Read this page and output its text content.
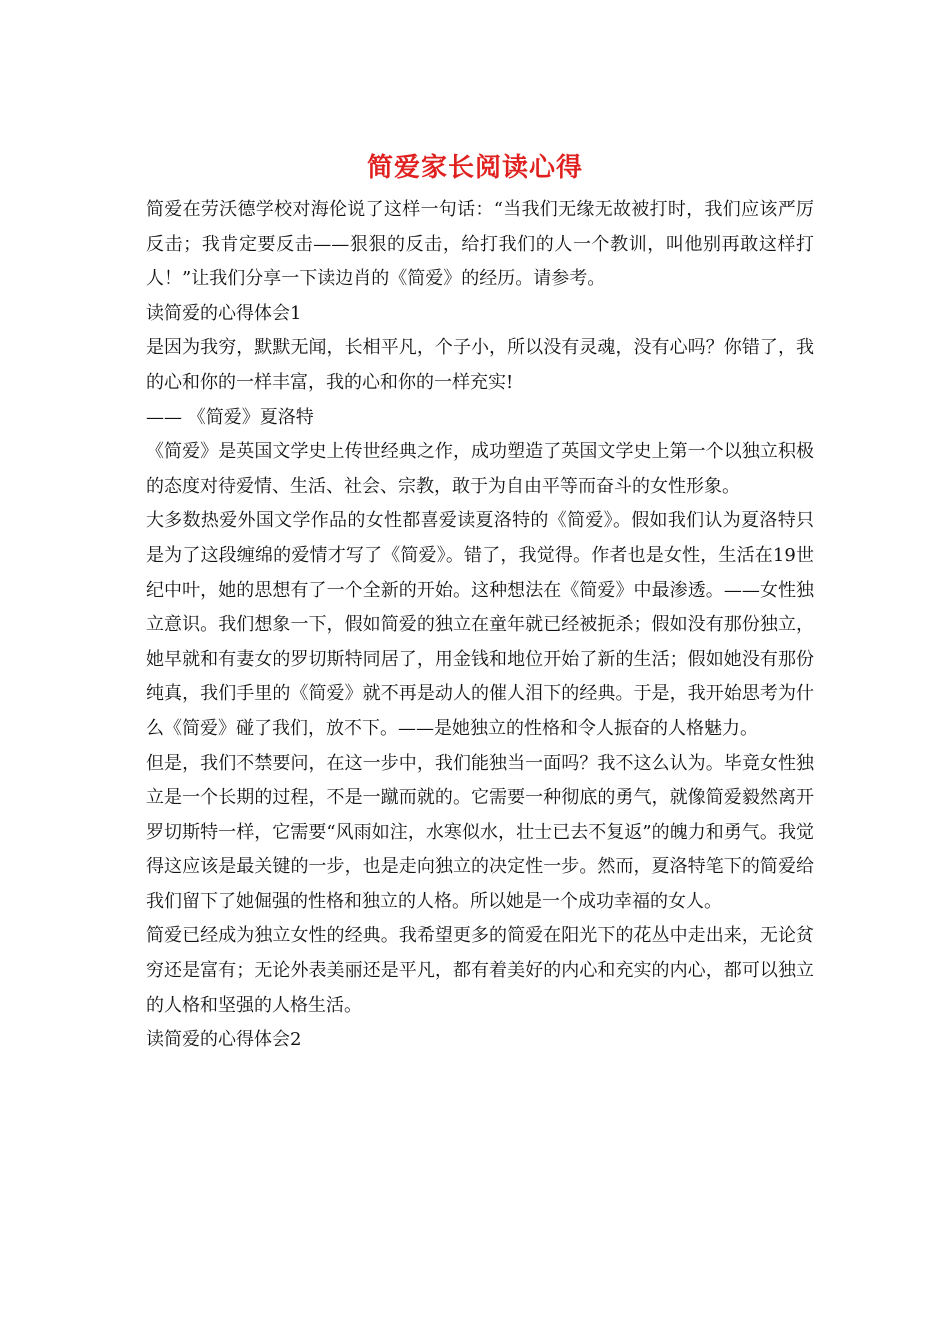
简爱家长阅读心得

简爱在劳沃德学校对海伦说了这样一句话：“当我们无缘无故被打时，我们应该严厉反击；我肯定要反击——狠狠的反击，给打我们的人一个教训，叫他别再敢这样打人！”让我们分享一下读边肖的《简爱》的经历。请参考。

读简爱的心得体会1

是因为我穷，默默无闻，长相平凡，个子小，所以没有灵魂，没有心吗？你错了，我的心和你的一样丰富，我的心和你的一样充实!

—— 《简爱》夏洛特

《简爱》是英国文学史上传世经典之作，成功塑造了英国文学史上第一个以独立积极的态度对待爱情、生活、社会、宗教，敢于为自由平等而奋斗的女性形象。

大多数热爱外国文学作品的女性都喜爱读夏洛特的《简爱》。假如我们认为夏洛特只是为了这段缠绵的爱情才写了《简爱》。错了，我觉得。作者也是女性，生活在19世纪中叶，她的思想有了一个全新的开始。这种想法在《简爱》中最渗透。——女性独立意识。我们想象一下，假如简爱的独立在童年就已经被扼杀；假如没有那份独立，她早就和有妻女的罗切斯特同居了，用金钱和地位开始了新的生活；假如她没有那份纯真，我们手里的《简爱》就不再是动人的催人泪下的经典。于是，我开始思考为什么《简爱》碰了我们，放不下。——是她独立的性格和令人振奋的人格魅力。

但是，我们不禁要问，在这一步中，我们能独当一面吗？我不这么认为。毕竟女性独立是一个长期的过程，不是一蹴而就的。它需要一种彻底的勇气，就像简爱毅然离开罗切斯特一样，它需要“风雨如注，水寒似水，壮士已去不复返”的魄力和勇气。我觉得这应该是最关键的一步，也是走向独立的决定性一步。然而，夏洛特笔下的简爱给我们留下了她倔强的性格和独立的人格。所以她是一个成功幸福的女人。

简爱已经成为独立女性的经典。我希望更多的简爱在阳光下的花丛中走出来，无论贫穷还是富有；无论外表美丽还是平凡，都有着美好的内心和充实的内心，都可以独立的人格和坚强的人格生活。

读简爱的心得体会2
